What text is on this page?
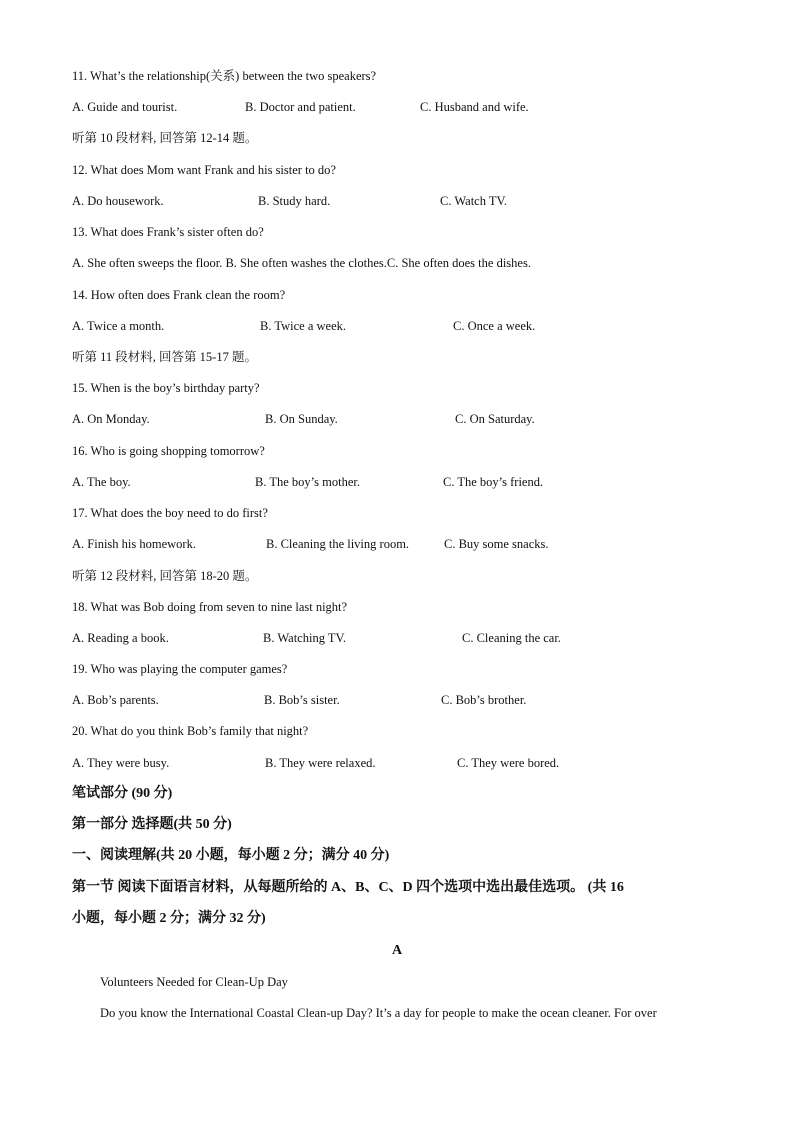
11. What’s the relationship(关系) between the two speakers?
A. Guide and tourist.	B. Doctor and patient.	C. Husband and wife.
听第 10 段材料, 回答第 12-14 题。
12. What does Mom want Frank and his sister to do?
A. Do housework.	B. Study hard.	C. Watch TV.
13. What does Frank’s sister often do?
A. She often sweeps the floor. B. She often washes the clothes.C. She often does the dishes.
14. How often does Frank clean the room?
A. Twice a month.	B. Twice a week.	C. Once a week.
听第 11 段材料, 回答第 15-17 题。
15. When is the boy’s birthday party?
A. On Monday.	B. On Sunday.	C. On Saturday.
16. Who is going shopping tomorrow?
A. The boy.	B. The boy’s mother.	C. The boy’s friend.
17. What does the boy need to do first?
A. Finish his homework.	B. Cleaning the living room.	C. Buy some snacks.
听第 12 段材料, 回答第 18-20 题。
18. What was Bob doing from seven to nine last night?
A. Reading a book.	B. Watching TV.	C. Cleaning the car.
19. Who was playing the computer games?
A. Bob’s parents.	B. Bob’s sister.	C. Bob’s brother.
20. What do you think Bob’s family that night?
A. They were busy.	B. They were relaxed.	C. They were bored.
笔试部分 (90 分)
第一部分 选择题(共 50 分)
一、阅读理解(共 20 小题，每小题 2 分；满分 40 分)
第一节 阅读下面语言材料，从每题所给的 A、B、C、D 四个选项中选出最佳选项。 (共 16
小题，每小题 2 分；满分 32 分)
A
Volunteers Needed for Clean-Up Day
Do you know the International Coastal Clean-up Day? It’s a day for people to make the ocean cleaner. For over
